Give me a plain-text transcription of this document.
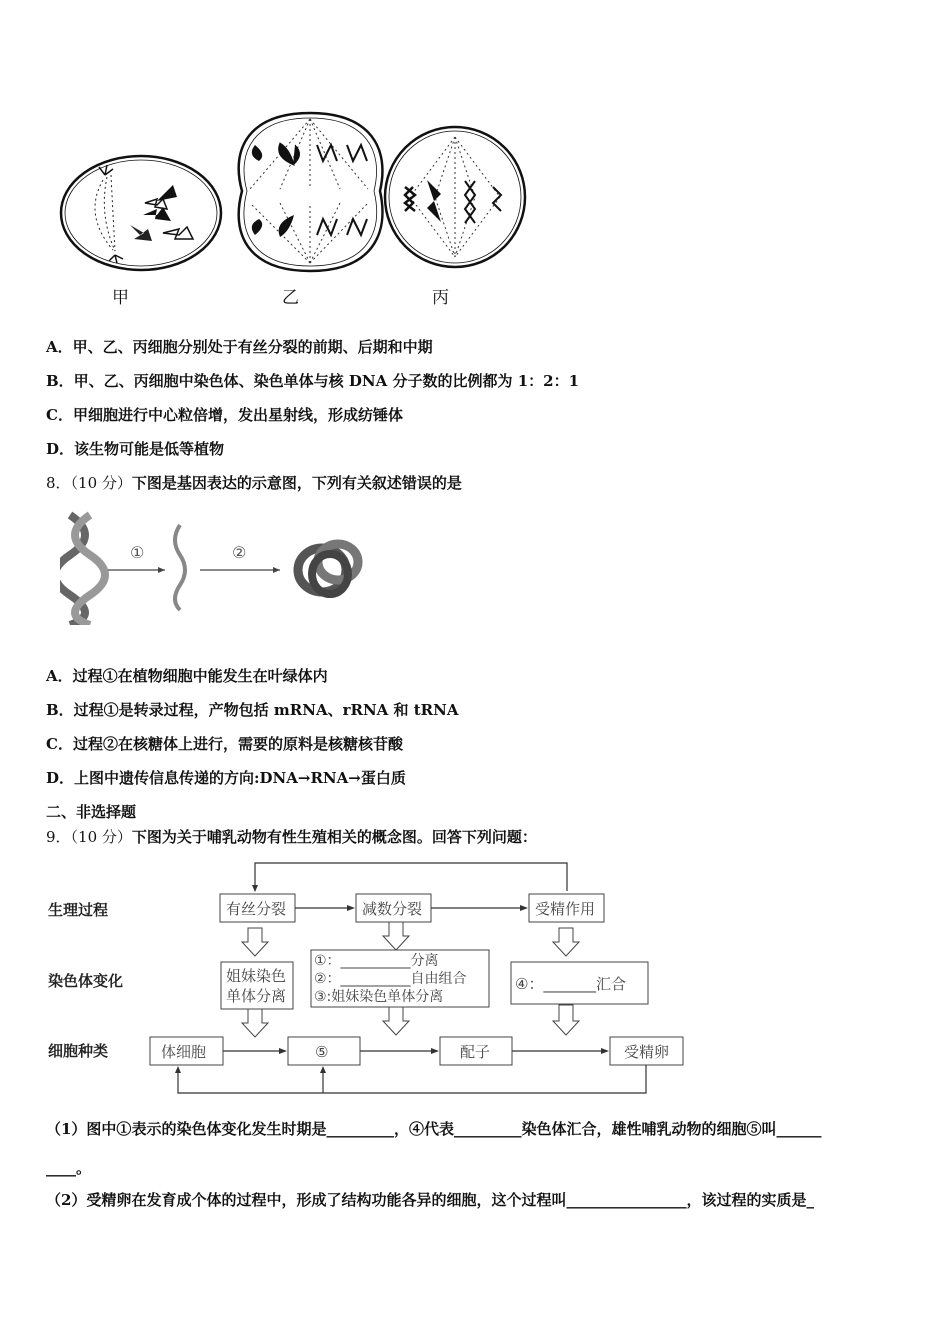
甲	乙	丙
A．甲、乙、丙细胞分别处于有丝分裂的前期、后期和中期
B．甲、乙、丙细胞中染色体、染色单体与核 DNA 分子数的比例都为 1：2：1
C．甲细胞进行中心粒倍增，发出星射线，形成纺锤体
D．该生物可能是低等植物
8．（10 分）下图是基因表达的示意图，下列有关叙述错误的是
①	②
A．过程①在植物细胞中能发生在叶绿体内
B．过程①是转录过程，产物包括 mRNA、rRNA 和 tRNA
C．过程②在核糖体上进行，需要的原料是核糖核苷酸
D．上图中遗传信息传递的方向:DNA→RNA→蛋白质
二、非选择题
9．（10 分）下图为关于哺乳动物有性生殖相关的概念图。回答下列问题：
生理过程
染色体变化
细胞种类
有丝分裂	减数分裂	受精作用
姐妹染色
单体分离
①：__________分离
②：__________自由组合
③:姐妹染色单体分离
④：_______汇合
体细胞	⑤	配子	受精卵
（1）图中①表示的染色体变化发生时期是_________，④代表_________染色体汇合，雄性哺乳动物的细胞⑤叫______
____。
（2）受精卵在发育成个体的过程中，形成了结构功能各异的细胞，这个过程叫________________，该过程的实质是_
